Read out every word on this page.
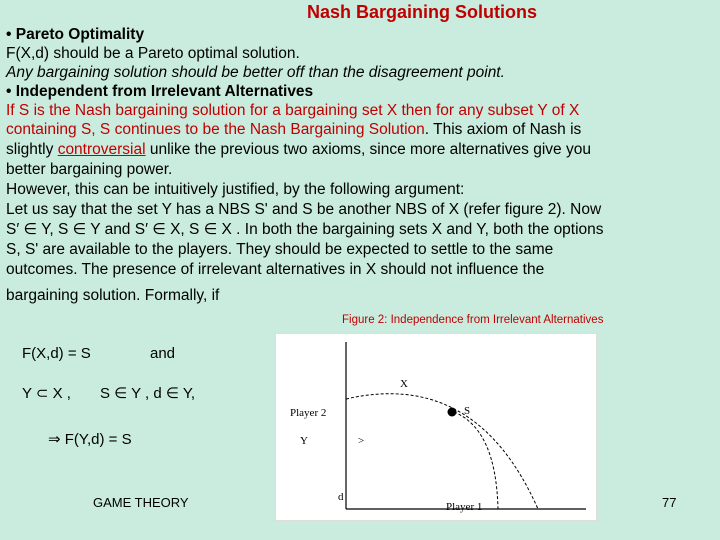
Nash Bargaining Solutions
• Pareto Optimality
F(X,d) should be a Pareto optimal solution.
Any bargaining solution should be better off than the disagreement point.
• Independent from Irrelevant Alternatives
If S is the Nash bargaining solution for a bargaining set X then for any subset Y of X
containing S, S continues to be the Nash Bargaining Solution. This axiom of Nash is
slightly controversial unlike the previous two axioms, since more alternatives give you
better bargaining power.
However, this can be intuitively justified, by the following argument:
Let us say that the set Y has a NBS S' and S be another NBS of X (refer figure 2). Now
S′ ∈ Y, S ∈ Y and S′ ∈ X, S ∈ X . In both the bargaining sets X and Y, both the options
S, S' are available to the players. They should be expected to settle to the same
outcomes. The presence of irrelevant alternatives in X should not influence the
bargaining solution. Formally, if
Figure 2: Independence from Irrelevant Alternatives
F(X,d) = S	and
Y ⊂ X , S ∈ Y , d ∈ Y,
⇒ F(Y,d) = S
Player 2
X
Y
S
d
Player 1
>
GAME THEORY	77
